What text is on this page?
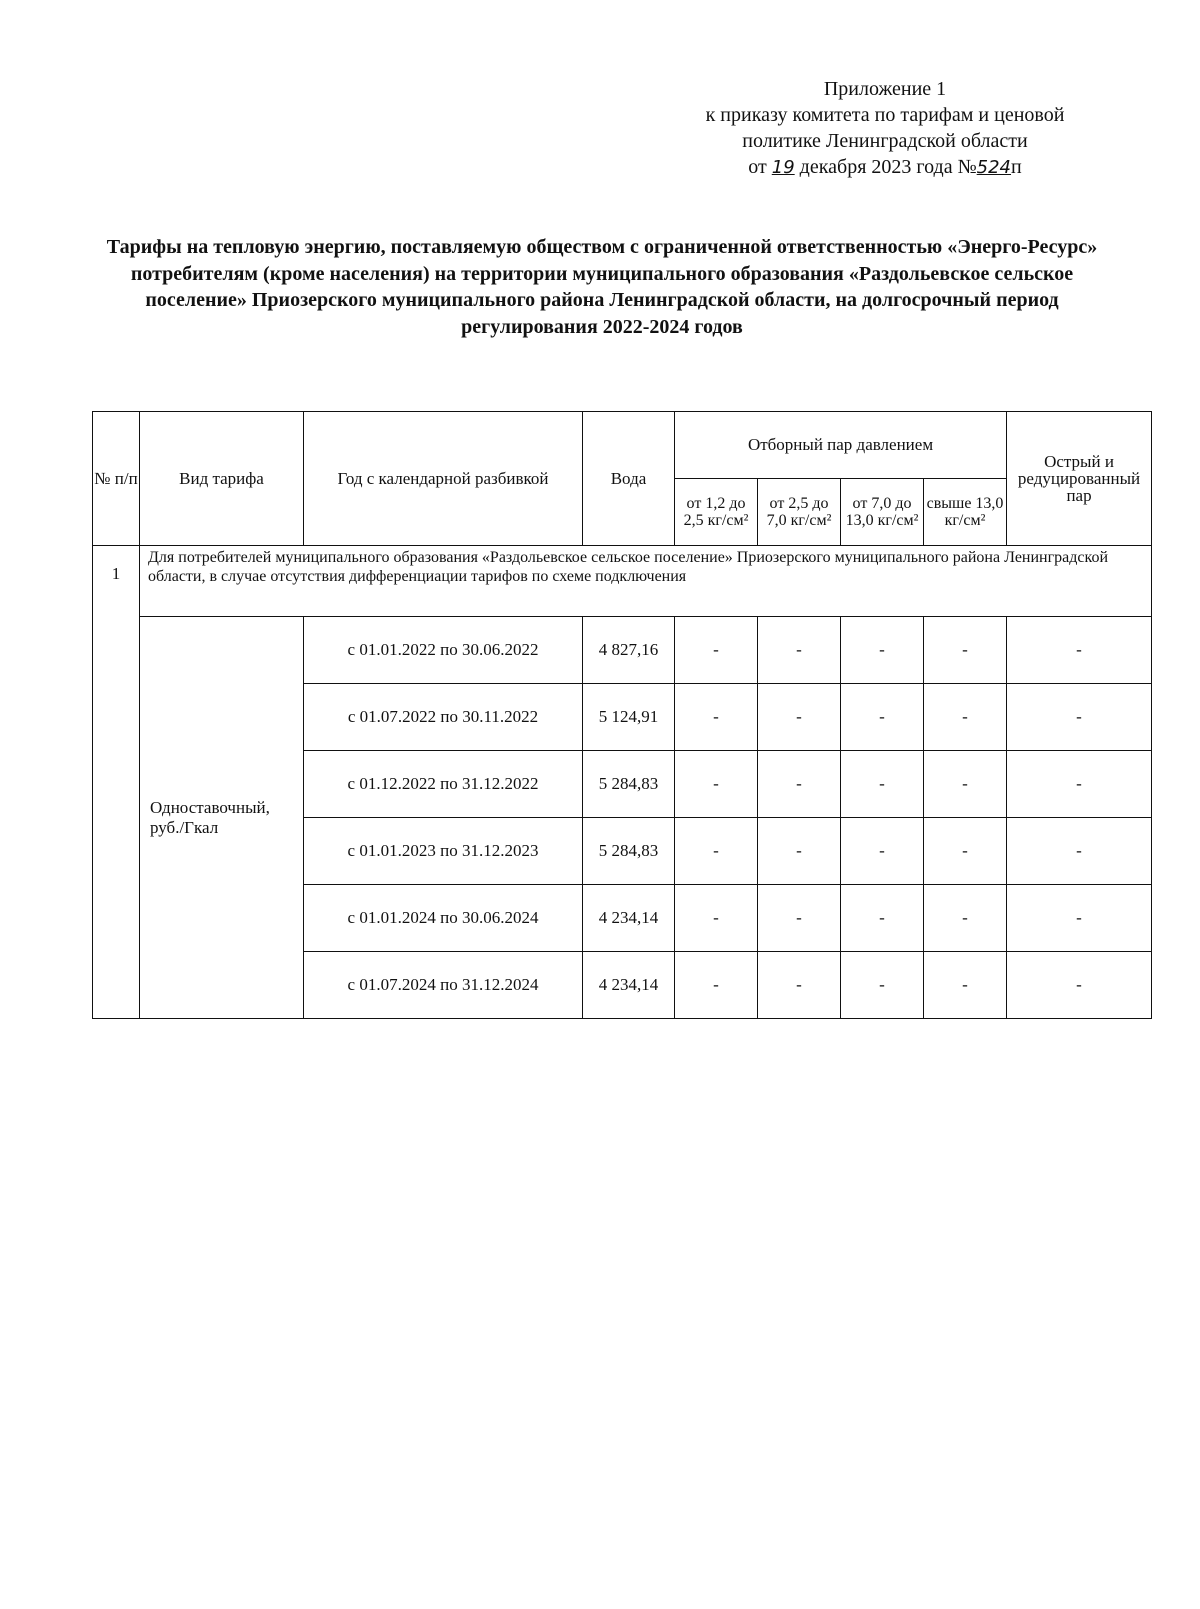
Приложение 1
к приказу комитета по тарифам и ценовой
политике Ленинградской области
от 19 декабря 2023 года №524п
Тарифы на тепловую энергию, поставляемую обществом с ограниченной ответственностью «Энерго-Ресурс» потребителям (кроме населения) на территории муниципального образования «Раздольевское сельское поселение» Приозерского муниципального района Ленинградской области, на долгосрочный период регулирования 2022-2024 годов
№ п/п	Вид тарифа	Год с календарной разбивкой	Вода	Отборный пар давлением				Острый и редуцированный пар
				от 1,2 до 2,5 кг/см²	от 2,5 до 7,0 кг/см²	от 7,0 до 13,0 кг/см²	свыше 13,0 кг/см²	
1	Для потребителей муниципального образования «Раздольевское сельское поселение» Приозерского муниципального района Ленинградской области, в случае отсутствия дифференциации тарифов по схеме подключения							
	Одноставочный, руб./Гкал	с 01.01.2022 по 30.06.2022	4 827,16	-	-	-	-	-
		с 01.07.2022 по 30.11.2022	5 124,91	-	-	-	-	-
		с 01.12.2022 по 31.12.2022	5 284,83	-	-	-	-	-
		с 01.01.2023 по 31.12.2023	5 284,83	-	-	-	-	-
		с 01.01.2024 по 30.06.2024	4 234,14	-	-	-	-	-
		с 01.07.2024 по 31.12.2024	4 234,14	-	-	-	-	-
